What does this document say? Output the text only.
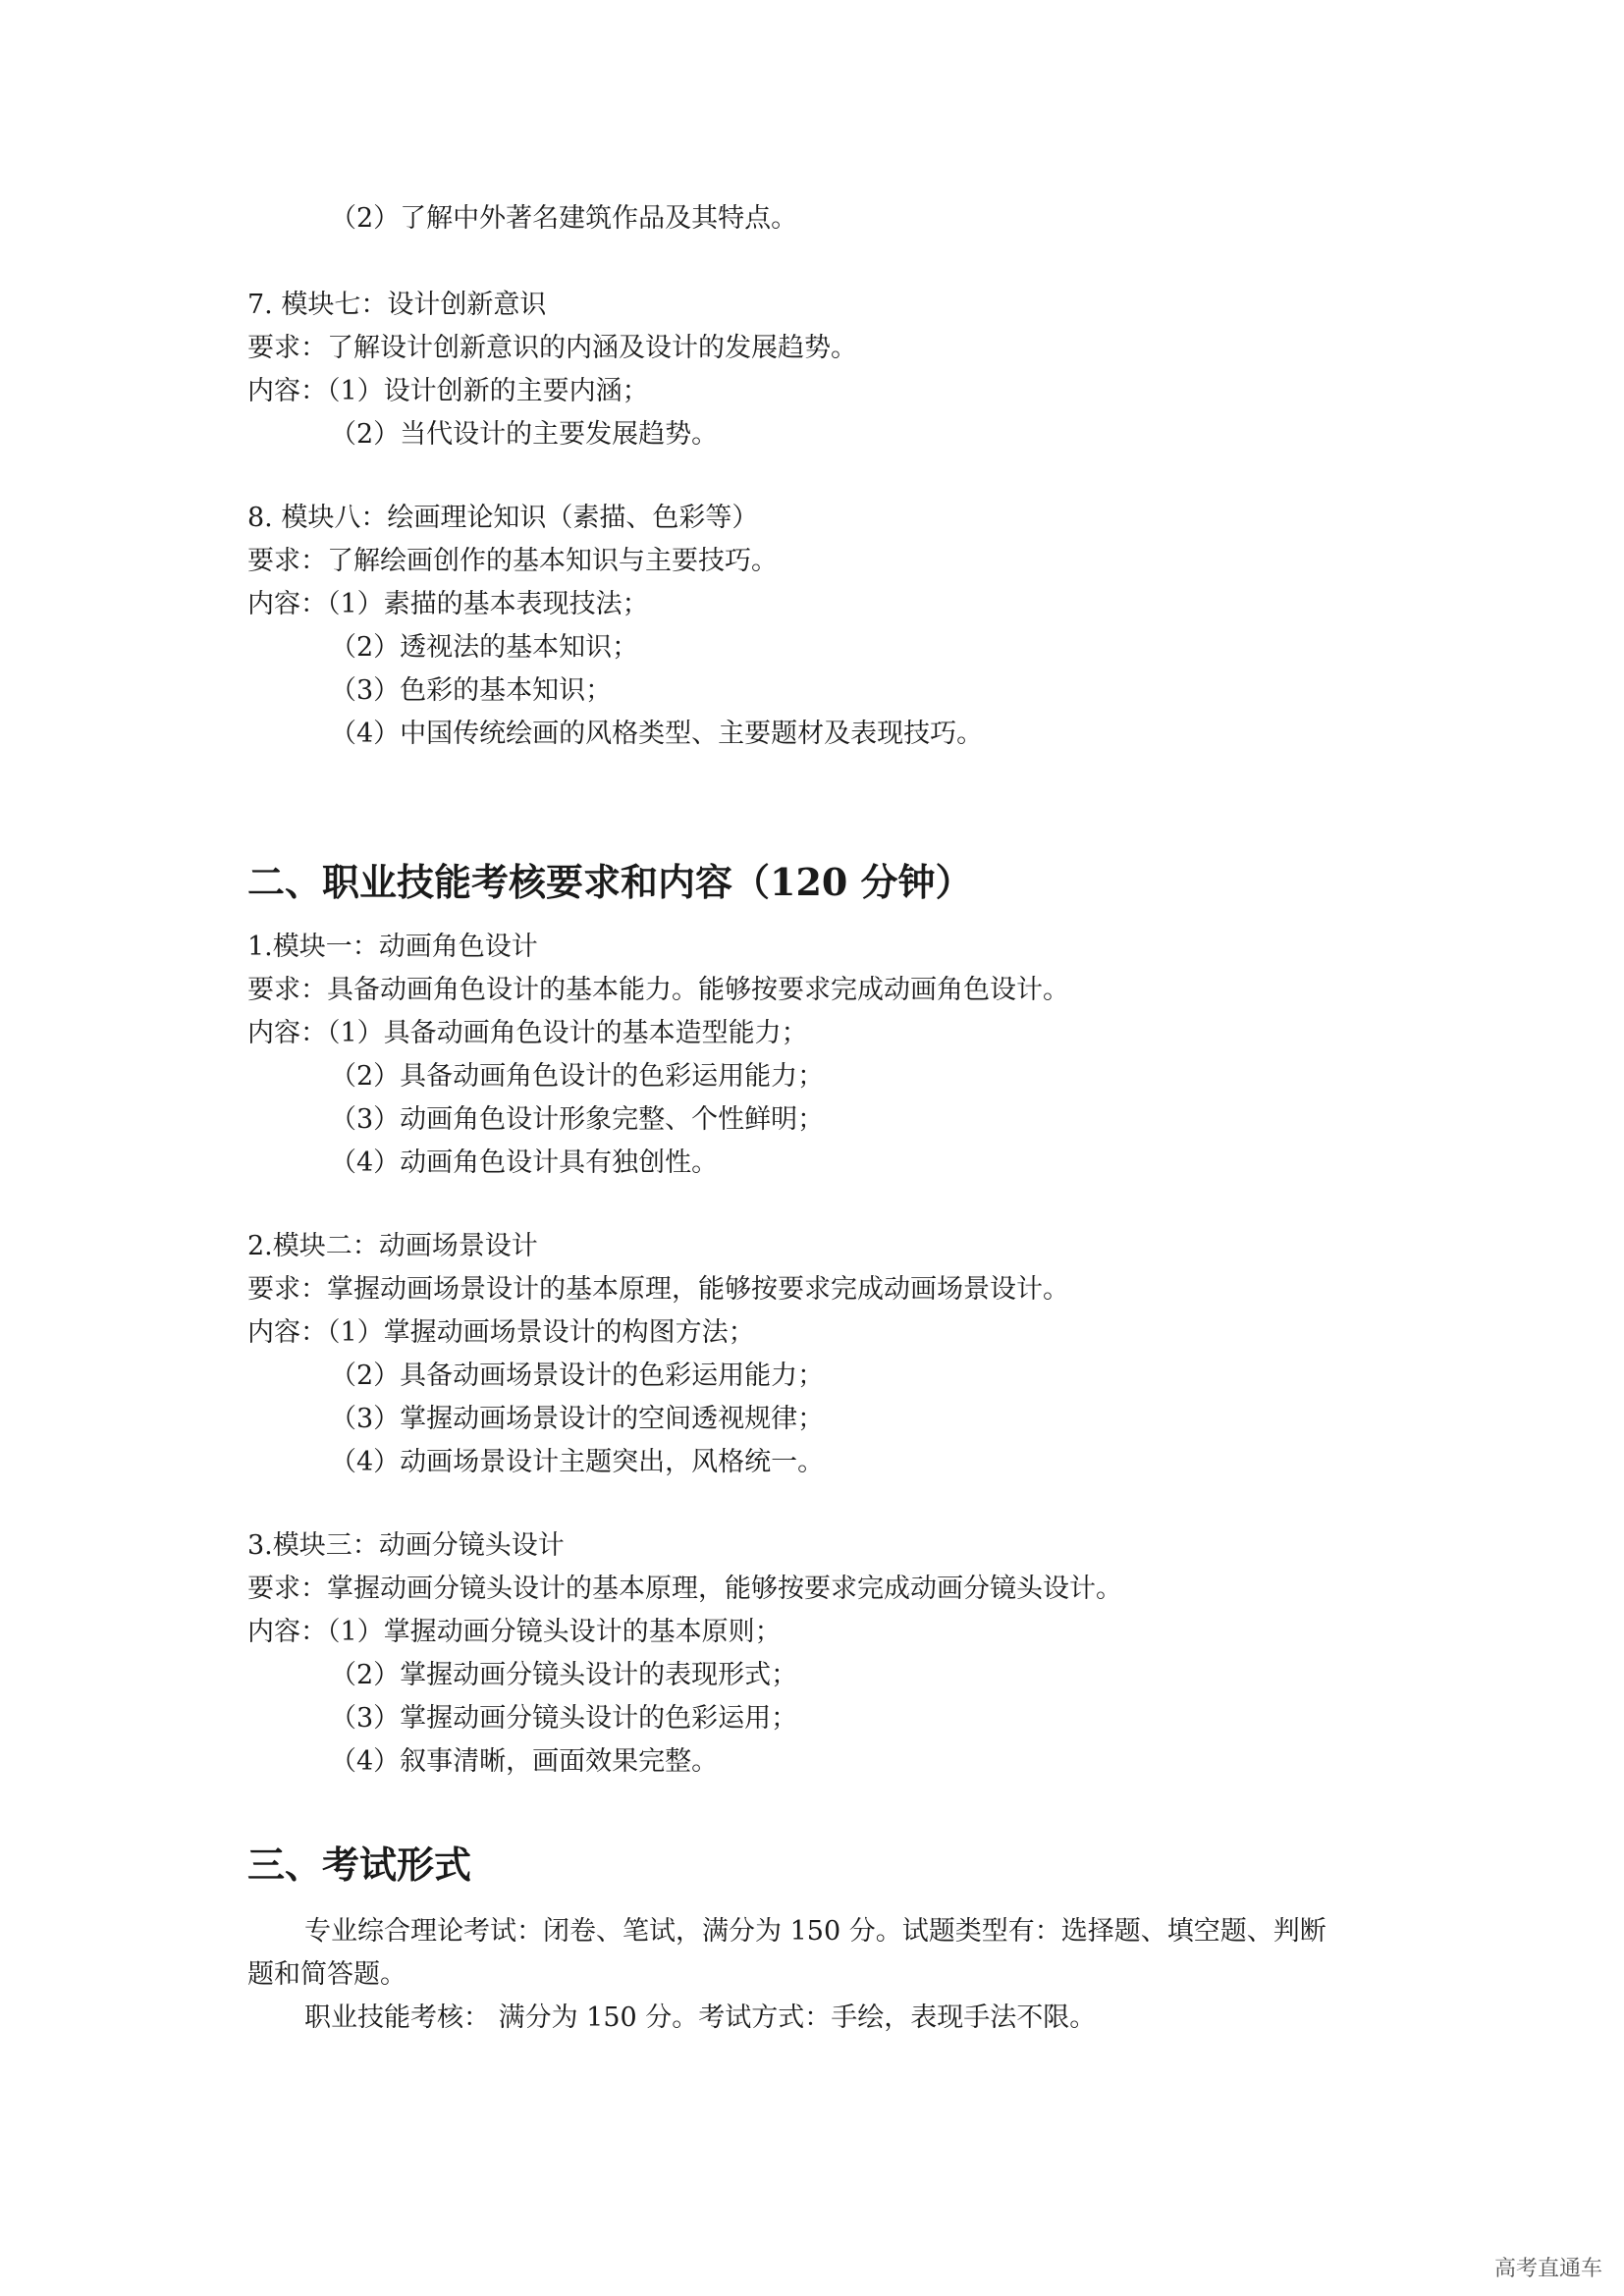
（2）了解中外著名建筑作品及其特点。
7. 模块七：设计创新意识
要求：了解设计创新意识的内涵及设计的发展趋势。
内容：（1）设计创新的主要内涵；
（2）当代设计的主要发展趋势。
8. 模块八：绘画理论知识（素描、色彩等）
要求：了解绘画创作的基本知识与主要技巧。
内容：（1）素描的基本表现技法；
（2）透视法的基本知识；
（3）色彩的基本知识；
（4）中国传统绘画的风格类型、主要题材及表现技巧。
二、职业技能考核要求和内容（120 分钟）
1.模块一：动画角色设计
要求：具备动画角色设计的基本能力。能够按要求完成动画角色设计。
内容：（1）具备动画角色设计的基本造型能力；
（2）具备动画角色设计的色彩运用能力；
（3）动画角色设计形象完整、个性鲜明；
（4）动画角色设计具有独创性。
2.模块二：动画场景设计
要求：掌握动画场景设计的基本原理，能够按要求完成动画场景设计。
内容：（1）掌握动画场景设计的构图方法；
（2）具备动画场景设计的色彩运用能力；
（3）掌握动画场景设计的空间透视规律；
（4）动画场景设计主题突出，风格统一。
3.模块三：动画分镜头设计
要求：掌握动画分镜头设计的基本原理，能够按要求完成动画分镜头设计。
内容：（1）掌握动画分镜头设计的基本原则；
（2）掌握动画分镜头设计的表现形式；
（3）掌握动画分镜头设计的色彩运用；
（4）叙事清晰，画面效果完整。
三、考试形式
专业综合理论考试：闭卷、笔试，满分为 150 分。试题类型有：选择题、填空题、判断
题和简答题。
职业技能考核： 满分为 150 分。考试方式：手绘，表现手法不限。
高考直通车
